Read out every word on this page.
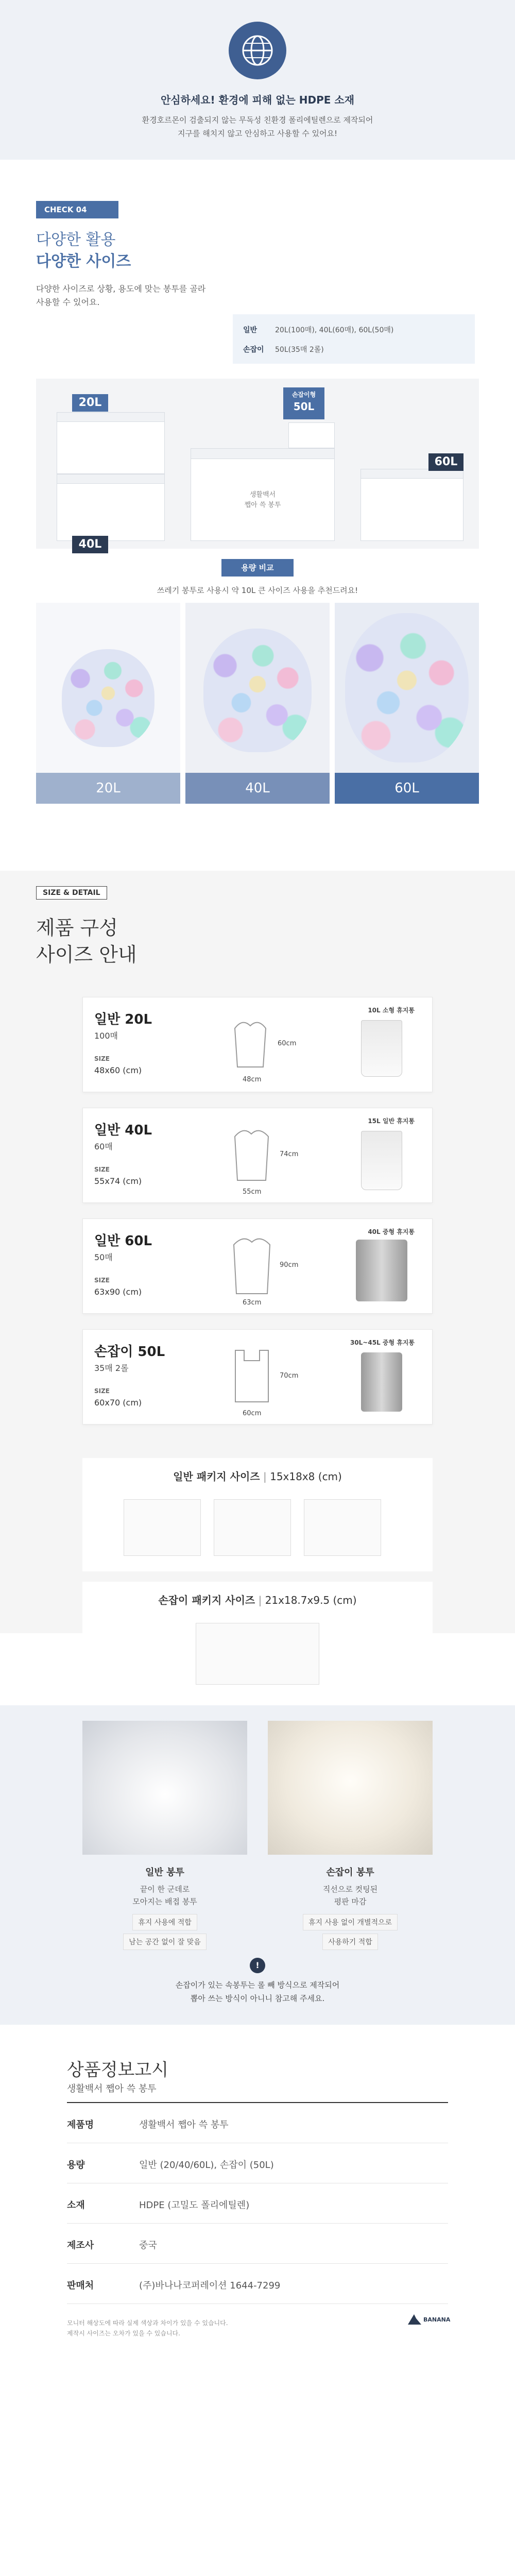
안심하세요! 환경에 피해 없는 HDPE 소재
환경호르몬이 검출되지 않는 무독성 친환경 폴리에틸렌으로 제작되어
지구를 해치지 않고 안심하고 사용할 수 있어요!
CHECK 04
다양한 활용
다양한 사이즈
다양한 사이즈로 상황, 용도에 맞는 봉투를 골라
사용할 수 있어요.
일반 20L(100매), 40L(60매), 60L(50매)
손잡이 50L(35매 2롤)
20L
40L
생활백서
쨉아 쓱 봉투
손잡이형
50L
60L
용량 비교
쓰레기 봉투로 사용시 약 10L 큰 사이즈 사용을 추천드려요!
20L	40L	60L
SIZE & DETAIL
제품 구성
사이즈 안내
일반 20L
100매
SIZE
48x60 (cm)
60cm
48cm
10L 소형 휴지통
일반 40L
60매
SIZE
55x74 (cm)
74cm
55cm
15L 일반 휴지통
일반 60L
50매
SIZE
63x90 (cm)
90cm
63cm
40L 중형 휴지통
손잡이 50L
35매 2롤
SIZE
60x70 (cm)
70cm
60cm
30L~45L 중형 휴지통
일반 패키지 사이즈 | 15x18x8 (cm)
손잡이 패키지 사이즈 | 21x18.7x9.5 (cm)
일반 봉투
끝이 한 군데로
모아지는 배접 봉투
휴지 사용에 적합
남는 공간 없이 잘 맞음
손잡이 봉투
직선으로 컷팅된
평판 마감
휴지 사용 없이 개별적으로
사용하기 적합
!
손잡이가 있는 속봉투는 롤 빼 방식으로 제작되어
뽑아 쓰는 방식이 아니니 참고해 주세요.
상품정보고시
생활백서 쨉아 쓱 봉투
제품명	생활백서 쨉아 쓱 봉투
용량	일반 (20/40/60L), 손잡이 (50L)
소재	HDPE (고밀도 폴리에틸렌)
제조사	중국
판매처	(주)바나나코퍼레이션 1644-7299
모니터 해상도에 따라 실제 색상과 차이가 있을 수 있습니다.
제작시 사이즈는 오차가 있을 수 있습니다.
BANANA
